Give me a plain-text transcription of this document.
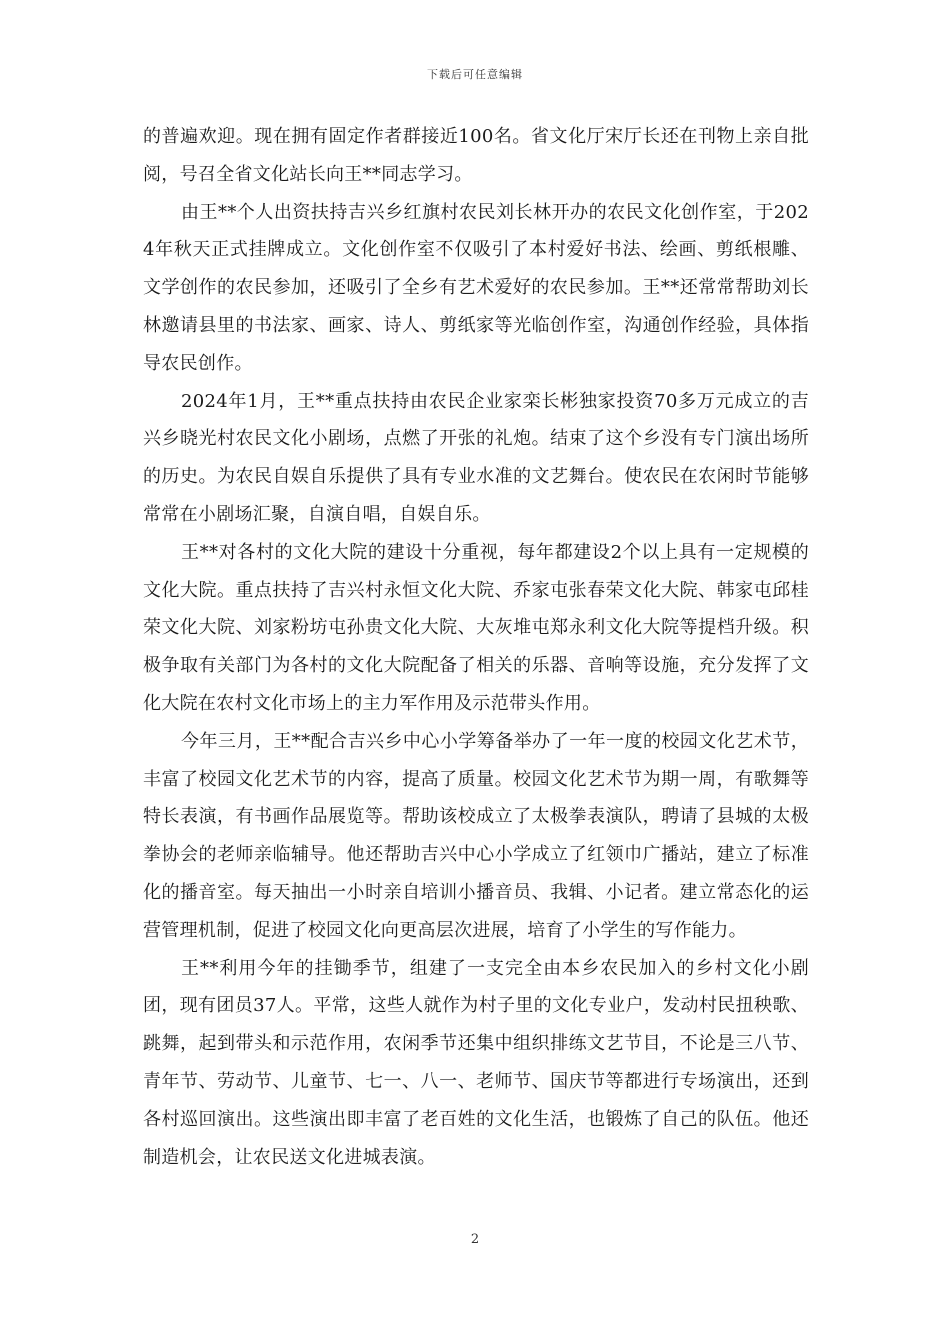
下载后可任意编辑

的普遍欢迎。现在拥有固定作者群接近100名。省文化厅宋厅长还在刊物上亲自批阅，号召全省文化站长向王**同志学习。

由王**个人出资扶持吉兴乡红旗村农民刘长林开办的农民文化创作室，于2024年秋天正式挂牌成立。文化创作室不仅吸引了本村爱好书法、绘画、剪纸根雕、文学创作的农民参加，还吸引了全乡有艺术爱好的农民参加。王**还常常帮助刘长林邀请县里的书法家、画家、诗人、剪纸家等光临创作室，沟通创作经验，具体指导农民创作。

2024年1月，王**重点扶持由农民企业家栾长彬独家投资70多万元成立的吉兴乡晓光村农民文化小剧场，点燃了开张的礼炮。结束了这个乡没有专门演出场所的历史。为农民自娱自乐提供了具有专业水准的文艺舞台。使农民在农闲时节能够常常在小剧场汇聚，自演自唱，自娱自乐。

王**对各村的文化大院的建设十分重视，每年都建设2个以上具有一定规模的文化大院。重点扶持了吉兴村永恒文化大院、乔家屯张春荣文化大院、韩家屯邱桂荣文化大院、刘家粉坊屯孙贵文化大院、大灰堆屯郑永利文化大院等提档升级。积极争取有关部门为各村的文化大院配备了相关的乐器、音响等设施，充分发挥了文化大院在农村文化市场上的主力军作用及示范带头作用。

今年三月，王**配合吉兴乡中心小学筹备举办了一年一度的校园文化艺术节，丰富了校园文化艺术节的内容，提高了质量。校园文化艺术节为期一周，有歌舞等特长表演，有书画作品展览等。帮助该校成立了太极拳表演队，聘请了县城的太极拳协会的老师亲临辅导。他还帮助吉兴中心小学成立了红领巾广播站，建立了标准化的播音室。每天抽出一小时亲自培训小播音员、我辑、小记者。建立常态化的运营管理机制，促进了校园文化向更高层次进展，培育了小学生的写作能力。

王**利用今年的挂锄季节，组建了一支完全由本乡农民加入的乡村文化小剧团，现有团员37人。平常，这些人就作为村子里的文化专业户，发动村民扭秧歌、跳舞，起到带头和示范作用，农闲季节还集中组织排练文艺节目，不论是三八节、青年节、劳动节、儿童节、七一、八一、老师节、国庆节等都进行专场演出，还到各村巡回演出。这些演出即丰富了老百姓的文化生活，也锻炼了自己的队伍。他还制造机会，让农民送文化进城表演。

2
